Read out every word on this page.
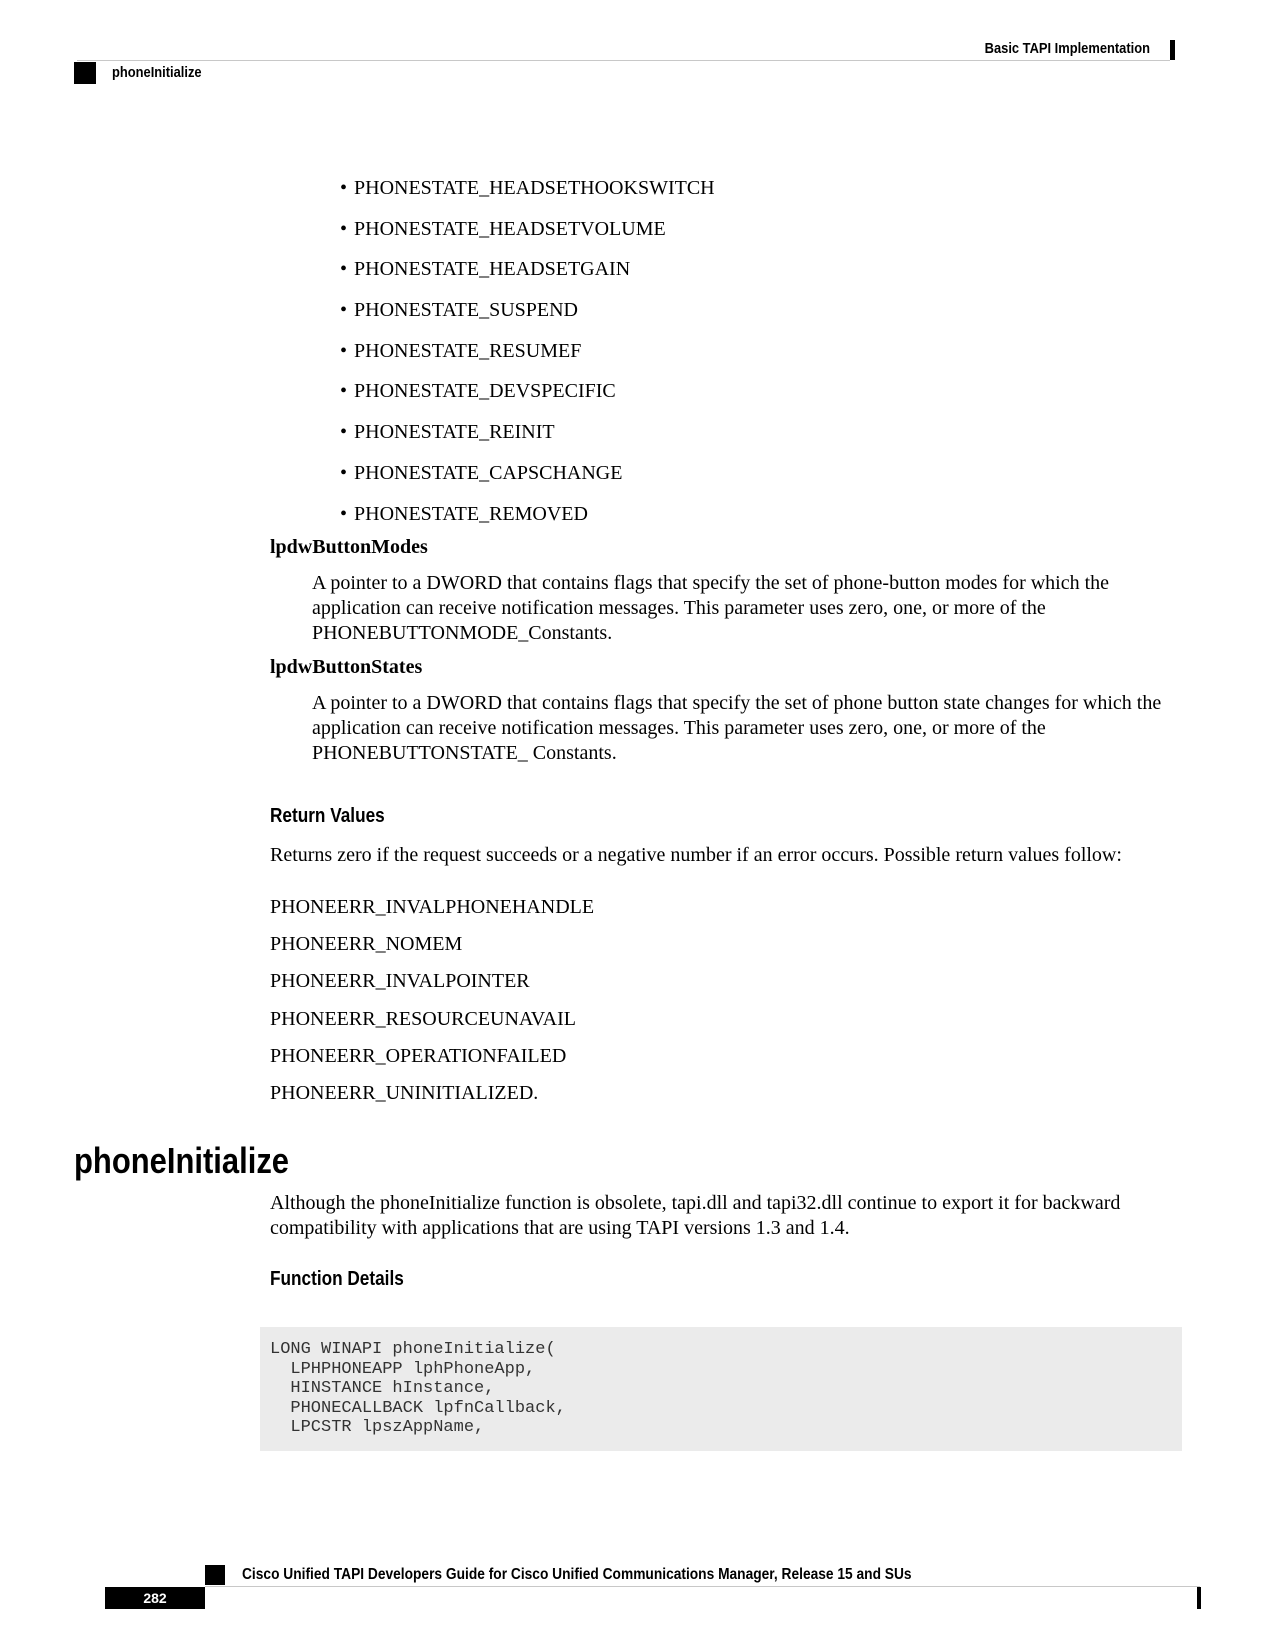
Basic TAPI Implementation
phoneInitialize
• PHONESTATE_HEADSETHOOKSWITCH
• PHONESTATE_HEADSETVOLUME
• PHONESTATE_HEADSETGAIN
• PHONESTATE_SUSPEND
• PHONESTATE_RESUMEF
• PHONESTATE_DEVSPECIFIC
• PHONESTATE_REINIT
• PHONESTATE_CAPSCHANGE
• PHONESTATE_REMOVED
lpdwButtonModes
A pointer to a DWORD that contains flags that specify the set of phone-button modes for which the application can receive notification messages. This parameter uses zero, one, or more of the PHONEBUTTONMODE_Constants.
lpdwButtonStates
A pointer to a DWORD that contains flags that specify the set of phone button state changes for which the application can receive notification messages. This parameter uses zero, one, or more of the PHONEBUTTONSTATE_ Constants.
Return Values
Returns zero if the request succeeds or a negative number if an error occurs. Possible return values follow:
PHONEERR_INVALPHONEHANDLE
PHONEERR_NOMEM
PHONEERR_INVALPOINTER
PHONEERR_RESOURCEUNAVAIL
PHONEERR_OPERATIONFAILED
PHONEERR_UNINITIALIZED.
phoneInitialize
Although the phoneInitialize function is obsolete, tapi.dll and tapi32.dll continue to export it for backward compatibility with applications that are using TAPI versions 1.3 and 1.4.
Function Details
LONG WINAPI phoneInitialize(
LPHPHONEAPP lphPhoneApp,
HINSTANCE hInstance,
PHONECALLBACK lpfnCallback,
LPCSTR lpszAppName,
Cisco Unified TAPI Developers Guide for Cisco Unified Communications Manager, Release 15 and SUs
282
